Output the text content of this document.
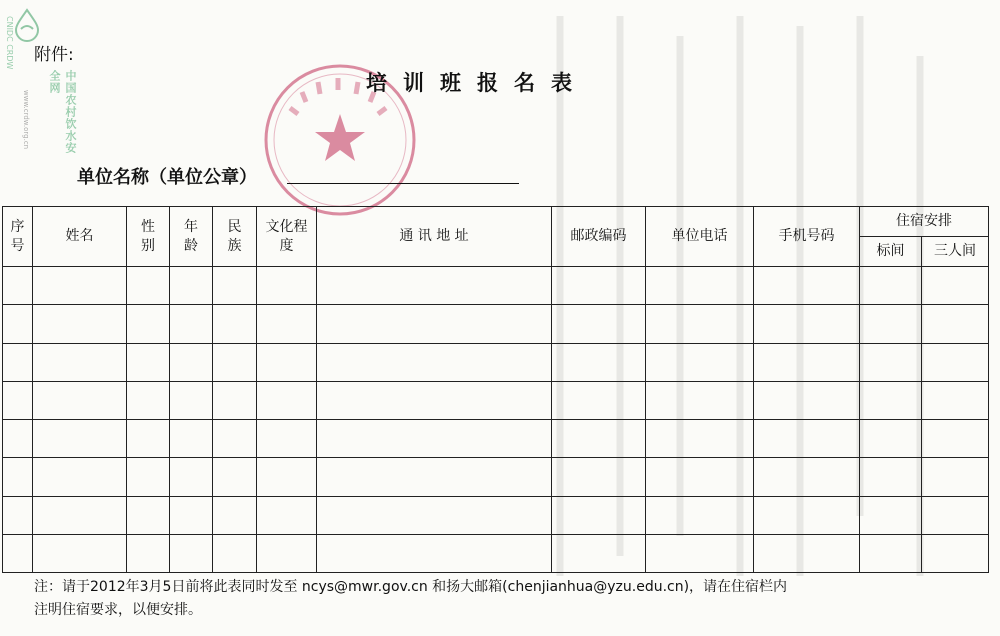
CNIDC CRDW
www.crdw.org.cn	中国农村饮水安全网
附件:
培训班报名表
单位名称（单位公章）
序号	姓名	性别	年龄	民族	文化程度	通 讯 地 址	邮政编码	单位电话	手机号码	住宿安排	
										标间	三人间

注：请于2012年3月5日前将此表同时发至 ncys@mwr.gov.cn 和扬大邮箱(chenjianhua@yzu.edu.cn)，请在住宿栏内
注明住宿要求，以便安排。
